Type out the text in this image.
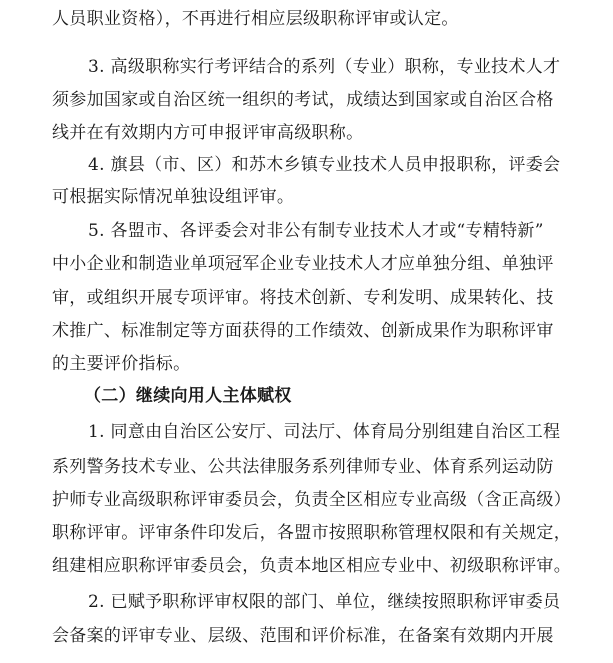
人员职业资格），不再进行相应层级职称评审或认定。
3. 高级职称实行考评结合的系列（专业）职称，专业技术人才
须参加国家或自治区统一组织的考试，成绩达到国家或自治区合格
线并在有效期内方可申报评审高级职称。
4. 旗县（市、区）和苏木乡镇专业技术人员申报职称，评委会
可根据实际情况单独设组评审。
5. 各盟市、各评委会对非公有制专业技术人才或“专精特新”
中小企业和制造业单项冠军企业专业技术人才应单独分组、单独评
审，或组织开展专项评审。将技术创新、专利发明、成果转化、技
术推广、标准制定等方面获得的工作绩效、创新成果作为职称评审
的主要评价指标。
（二）继续向用人主体赋权
1. 同意由自治区公安厅、司法厅、体育局分别组建自治区工程
系列警务技术专业、公共法律服务系列律师专业、体育系列运动防
护师专业高级职称评审委员会，负责全区相应专业高级（含正高级）
职称评审。评审条件印发后，各盟市按照职称管理权限和有关规定，
组建相应职称评审委员会，负责本地区相应专业中、初级职称评审。
2. 已赋予职称评审权限的部门、单位，继续按照职称评审委员
会备案的评审专业、层级、范围和评价标准，在备案有效期内开展
